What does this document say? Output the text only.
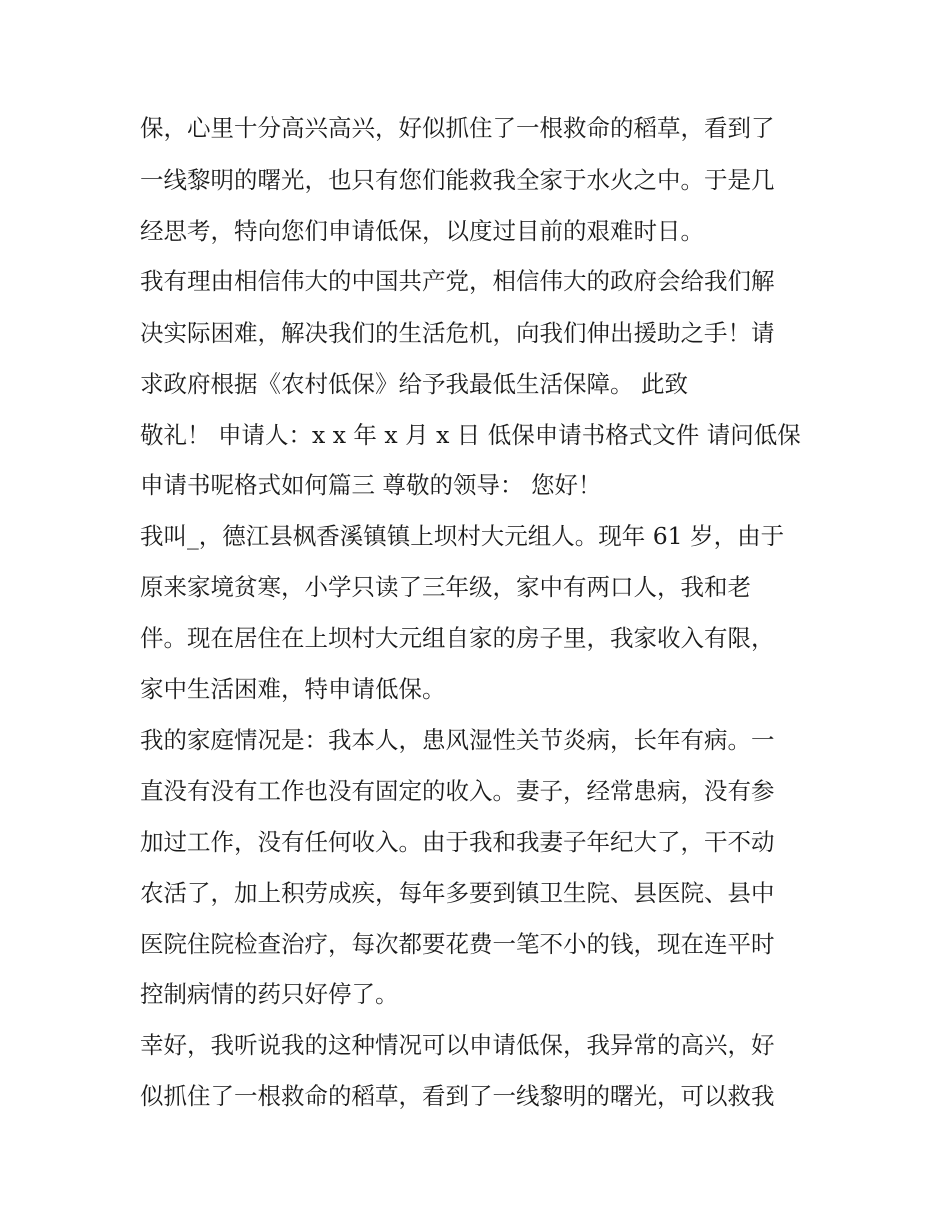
保，心里十分高兴高兴，好似抓住了一根救命的稻草，看到了
一线黎明的曙光，也只有您们能救我全家于水火之中。于是几
经思考，特向您们申请低保，以度过目前的艰难时日。
我有理由相信伟大的中国共产党，相信伟大的政府会给我们解
决实际困难，解决我们的生活危机，向我们伸出援助之手！请
求政府根据《农村低保》给予我最低生活保障。 此致
敬礼！ 申请人：x x 年 x 月 x 日 低保申请书格式文件 请问低保
申请书呢格式如何篇三 尊敬的领导： 您好！
我叫_，德江县枫香溪镇镇上坝村大元组人。现年 61 岁，由于
原来家境贫寒，小学只读了三年级，家中有两口人，我和老
伴。现在居住在上坝村大元组自家的房子里，我家收入有限，
家中生活困难，特申请低保。
我的家庭情况是：我本人，患风湿性关节炎病，长年有病。一
直没有没有工作也没有固定的收入。妻子，经常患病，没有参
加过工作，没有任何收入。由于我和我妻子年纪大了，干不动
农活了，加上积劳成疾，每年多要到镇卫生院、县医院、县中
医院住院检查治疗，每次都要花费一笔不小的钱，现在连平时
控制病情的药只好停了。
幸好，我听说我的这种情况可以申请低保，我异常的高兴，好
似抓住了一根救命的稻草，看到了一线黎明的曙光，可以救我
